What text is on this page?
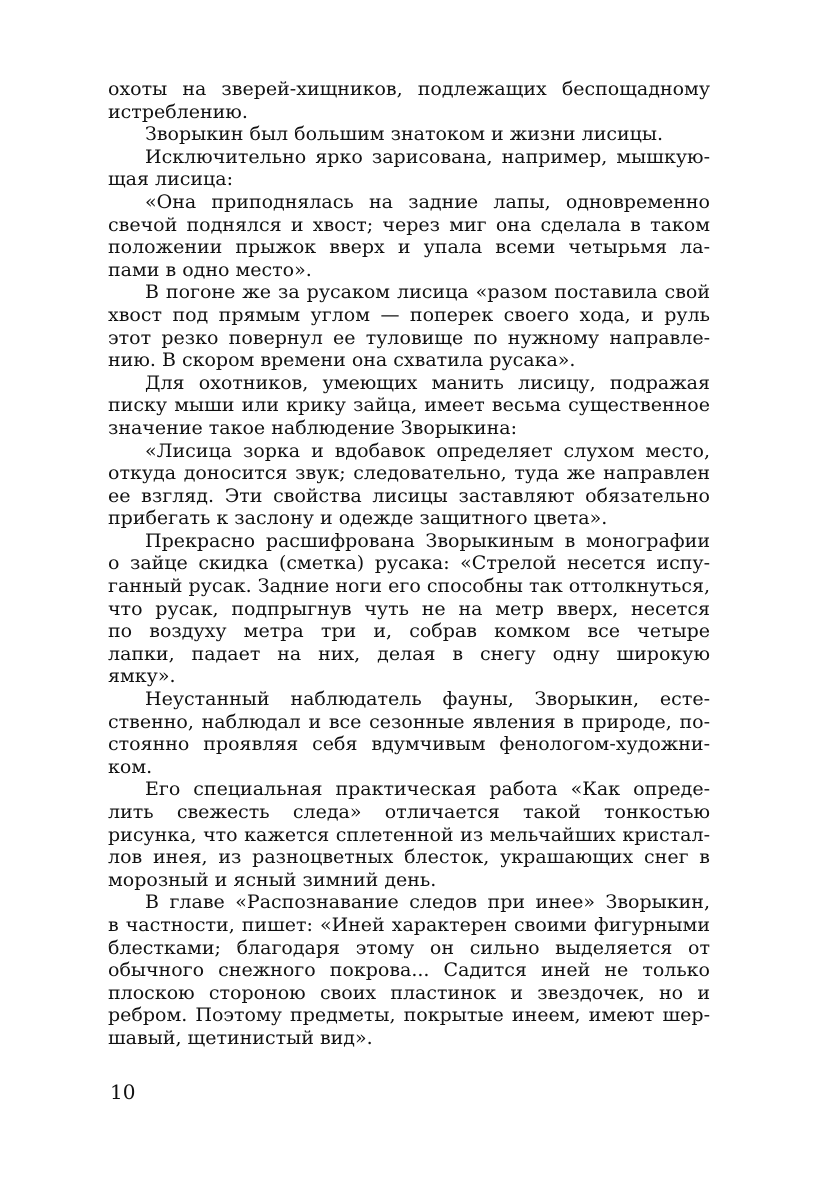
охоты на зверей-хищников, подлежащих беспощадному
истреблению.
Зворыкин был большим знатоком и жизни лисицы.
Исключительно ярко зарисована, например, мышкую-
щая лисица:
«Она приподнялась на задние лапы, одновременно
свечой поднялся и хвост; через миг она сделала в таком
положении прыжок вверх и упала всеми четырьмя ла-
пами в одно место».
В погоне же за русаком лисица «разом поставила свой
хвост под прямым углом — поперек своего хода, и руль
этот резко повернул ее туловище по нужному направле-
нию. В скором времени она схватила русака».
Для охотников, умеющих манить лисицу, подражая
писку мыши или крику зайца, имеет весьма существенное
значение такое наблюдение Зворыкина:
«Лисица зорка и вдобавок определяет слухом место,
откуда доносится звук; следовательно, туда же направлен
ее взгляд. Эти свойства лисицы заставляют обязательно
прибегать к заслону и одежде защитного цвета».
Прекрасно расшифрована Зворыкиным в монографии
о зайце скидка (сметка) русака: «Стрелой несется испу-
ганный русак. Задние ноги его способны так оттолкнуться,
что русак, подпрыгнув чуть не на метр вверх, несется
по воздуху метра три и, собрав комком все четыре
лапки, падает на них, делая в снегу одну широкую
ямку».
Неустанный наблюдатель фауны, Зворыкин, есте-
ственно, наблюдал и все сезонные явления в природе, по-
стоянно проявляя себя вдумчивым фенологом-художни-
ком.
Его специальная практическая работа «Как опреде-
лить свежесть следа» отличается такой тонкостью
рисунка, что кажется сплетенной из мельчайших кристал-
лов инея, из разноцветных блесток, украшающих снег в
морозный и ясный зимний день.
В главе «Распознавание следов при инее» Зворыкин,
в частности, пишет: «Иней характерен своими фигурными
блестками; благодаря этому он сильно выделяется от
обычного снежного покрова... Садится иней не только
плоскою стороною своих пластинок и звездочек, но и
ребром. Поэтому предметы, покрытые инеем, имеют шер-
шавый, щетинистый вид».
10
